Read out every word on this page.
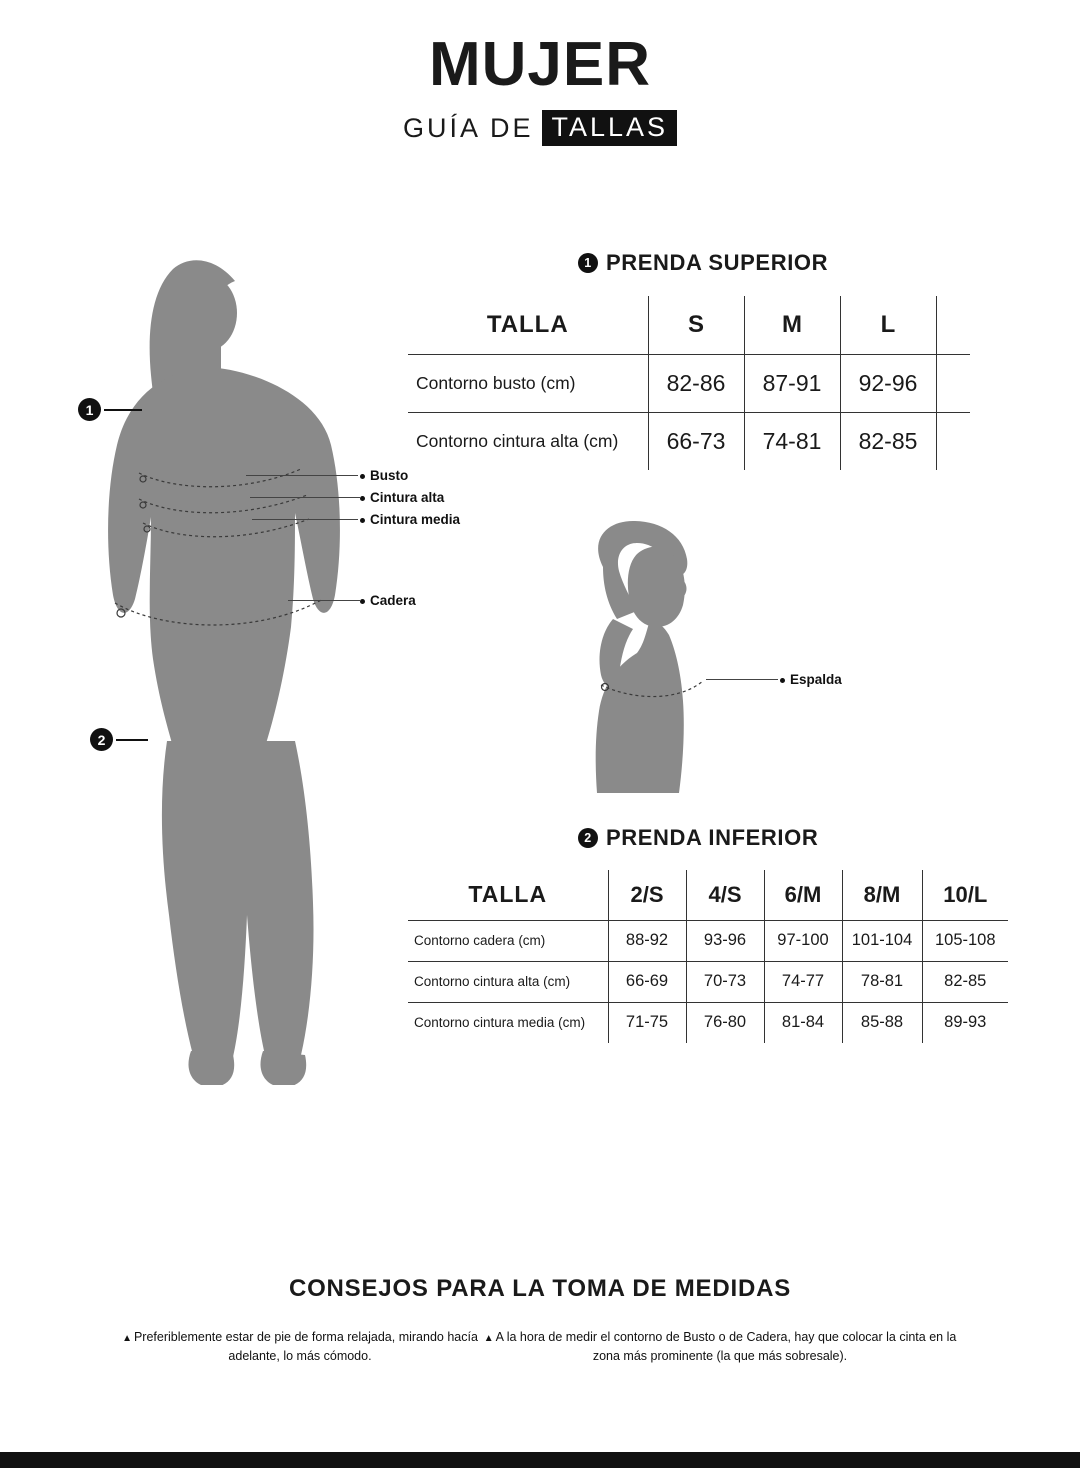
MUJER
GUÍA DE TALLAS
Busto
Cintura alta
Cintura media
Cadera
1
2
Espalda
1 PRENDA SUPERIOR
TALLA	S	M	L	
Contorno busto (cm)	82-86	87-91	92-96	
Contorno cintura alta (cm)	66-73	74-81	82-85	
2 PRENDA INFERIOR
TALLA	2/S	4/S	6/M	8/M	10/L
Contorno cadera (cm)	88-92	93-96	97-100	101-104	105-108
Contorno cintura alta (cm)	66-69	70-73	74-77	78-81	82-85
Contorno cintura media (cm)	71-75	76-80	81-84	85-88	89-93
CONSEJOS PARA LA TOMA DE MEDIDAS
▲ Preferiblemente estar de pie de forma relajada, mirando hacía adelante, lo más cómodo.
▲ A la hora de medir el contorno de Busto o de Cadera, hay que colocar la cinta en la zona más prominente (la que más sobresale).
